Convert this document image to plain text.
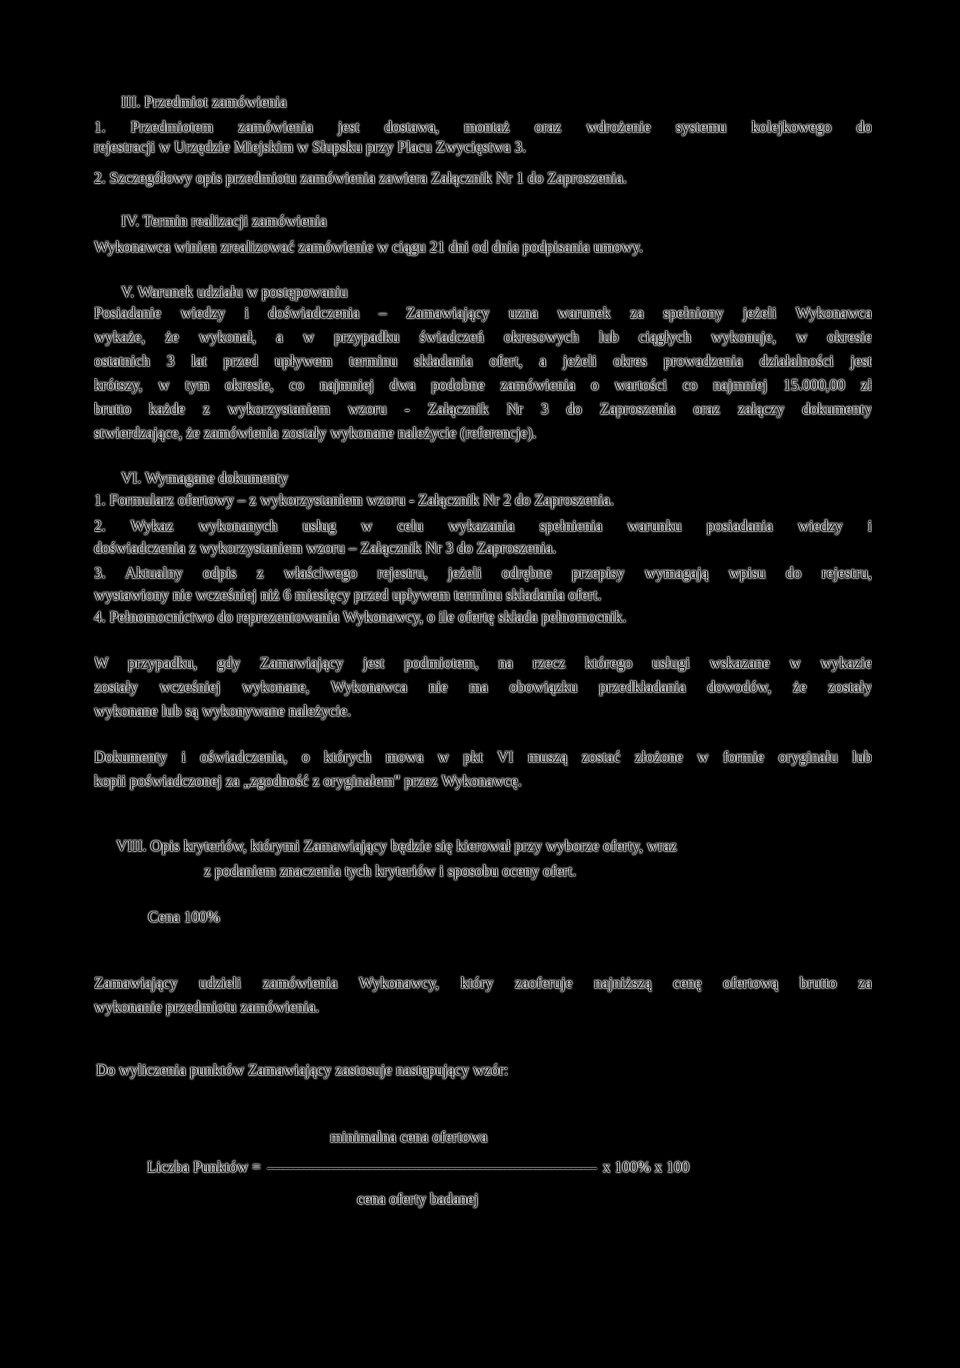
III. Przedmiot zamówienia
1. Przedmiotem zamówienia jest dostawa, montaż oraz wdrożenie systemu kolejkowego do
rejestracji w Urzędzie Miejskim w Słupsku przy Placu Zwycięstwa 3.
2. Szczegółowy opis przedmiotu zamówienia zawiera Załącznik Nr 1 do Zaproszenia.
IV. Termin realizacji zamówienia
Wykonawca winien zrealizować zamówienie w ciągu 21 dni od dnia podpisania umowy.
V. Warunek udziału w postępowaniu
Posiadanie wiedzy i doświadczenia – Zamawiający uzna warunek za spełniony jeżeli Wykonawca
wykaże, że wykonał, a w przypadku świadczeń okresowych lub ciągłych wykonuje, w okresie
ostatnich 3 lat przed upływem terminu składania ofert, a jeżeli okres prowadzenia działalności jest
krótszy, w tym okresie, co najmniej dwa podobne zamówienia o wartości co najmniej 15.000,00 zł
brutto każde z wykorzystaniem wzoru - Załącznik Nr 3 do Zaproszenia oraz załączy dokumenty
stwierdzające, że zamówienia zostały wykonane należycie (referencje).
VI. Wymagane dokumenty
1. Formularz ofertowy – z wykorzystaniem wzoru - Załącznik Nr 2 do Zaproszenia.
2. Wykaz wykonanych usług w celu wykazania spełnienia warunku posiadania wiedzy i
doświadczenia z wykorzystaniem wzoru – Załącznik Nr 3 do Zaproszenia.
3. Aktualny odpis z właściwego rejestru, jeżeli odrębne przepisy wymagają wpisu do rejestru,
wystawiony nie wcześniej niż 6 miesięcy przed upływem terminu składania ofert.
4. Pełnomocnictwo do reprezentowania Wykonawcy, o ile ofertę składa pełnomocnik.
W przypadku, gdy Zamawiający jest podmiotem, na rzecz którego usługi wskazane w wykazie
zostały wcześniej wykonane, Wykonawca nie ma obowiązku przedkładania dowodów, że zostały
wykonane lub są wykonywane należycie.
Dokumenty i oświadczenia, o których mowa w pkt VI muszą zostać złożone w formie oryginału lub
kopii poświadczonej za „zgodność z oryginałem" przez Wykonawcę.
VIII. Opis kryteriów, którymi Zamawiający będzie się kierował przy wyborze oferty, wraz
z podaniem znaczenia tych kryteriów i sposobu oceny ofert.
Cena 100%
Zamawiający udzieli zamówienia Wykonawcy, który zaoferuje najniższą cenę ofertową brutto za
wykonanie przedmiotu zamówienia.
Do wyliczenia punktów Zamawiający zastosuje następujący wzór:
minimalna cena ofertowa
Liczba Punktów =	x 100% x 100
cena oferty badanej
